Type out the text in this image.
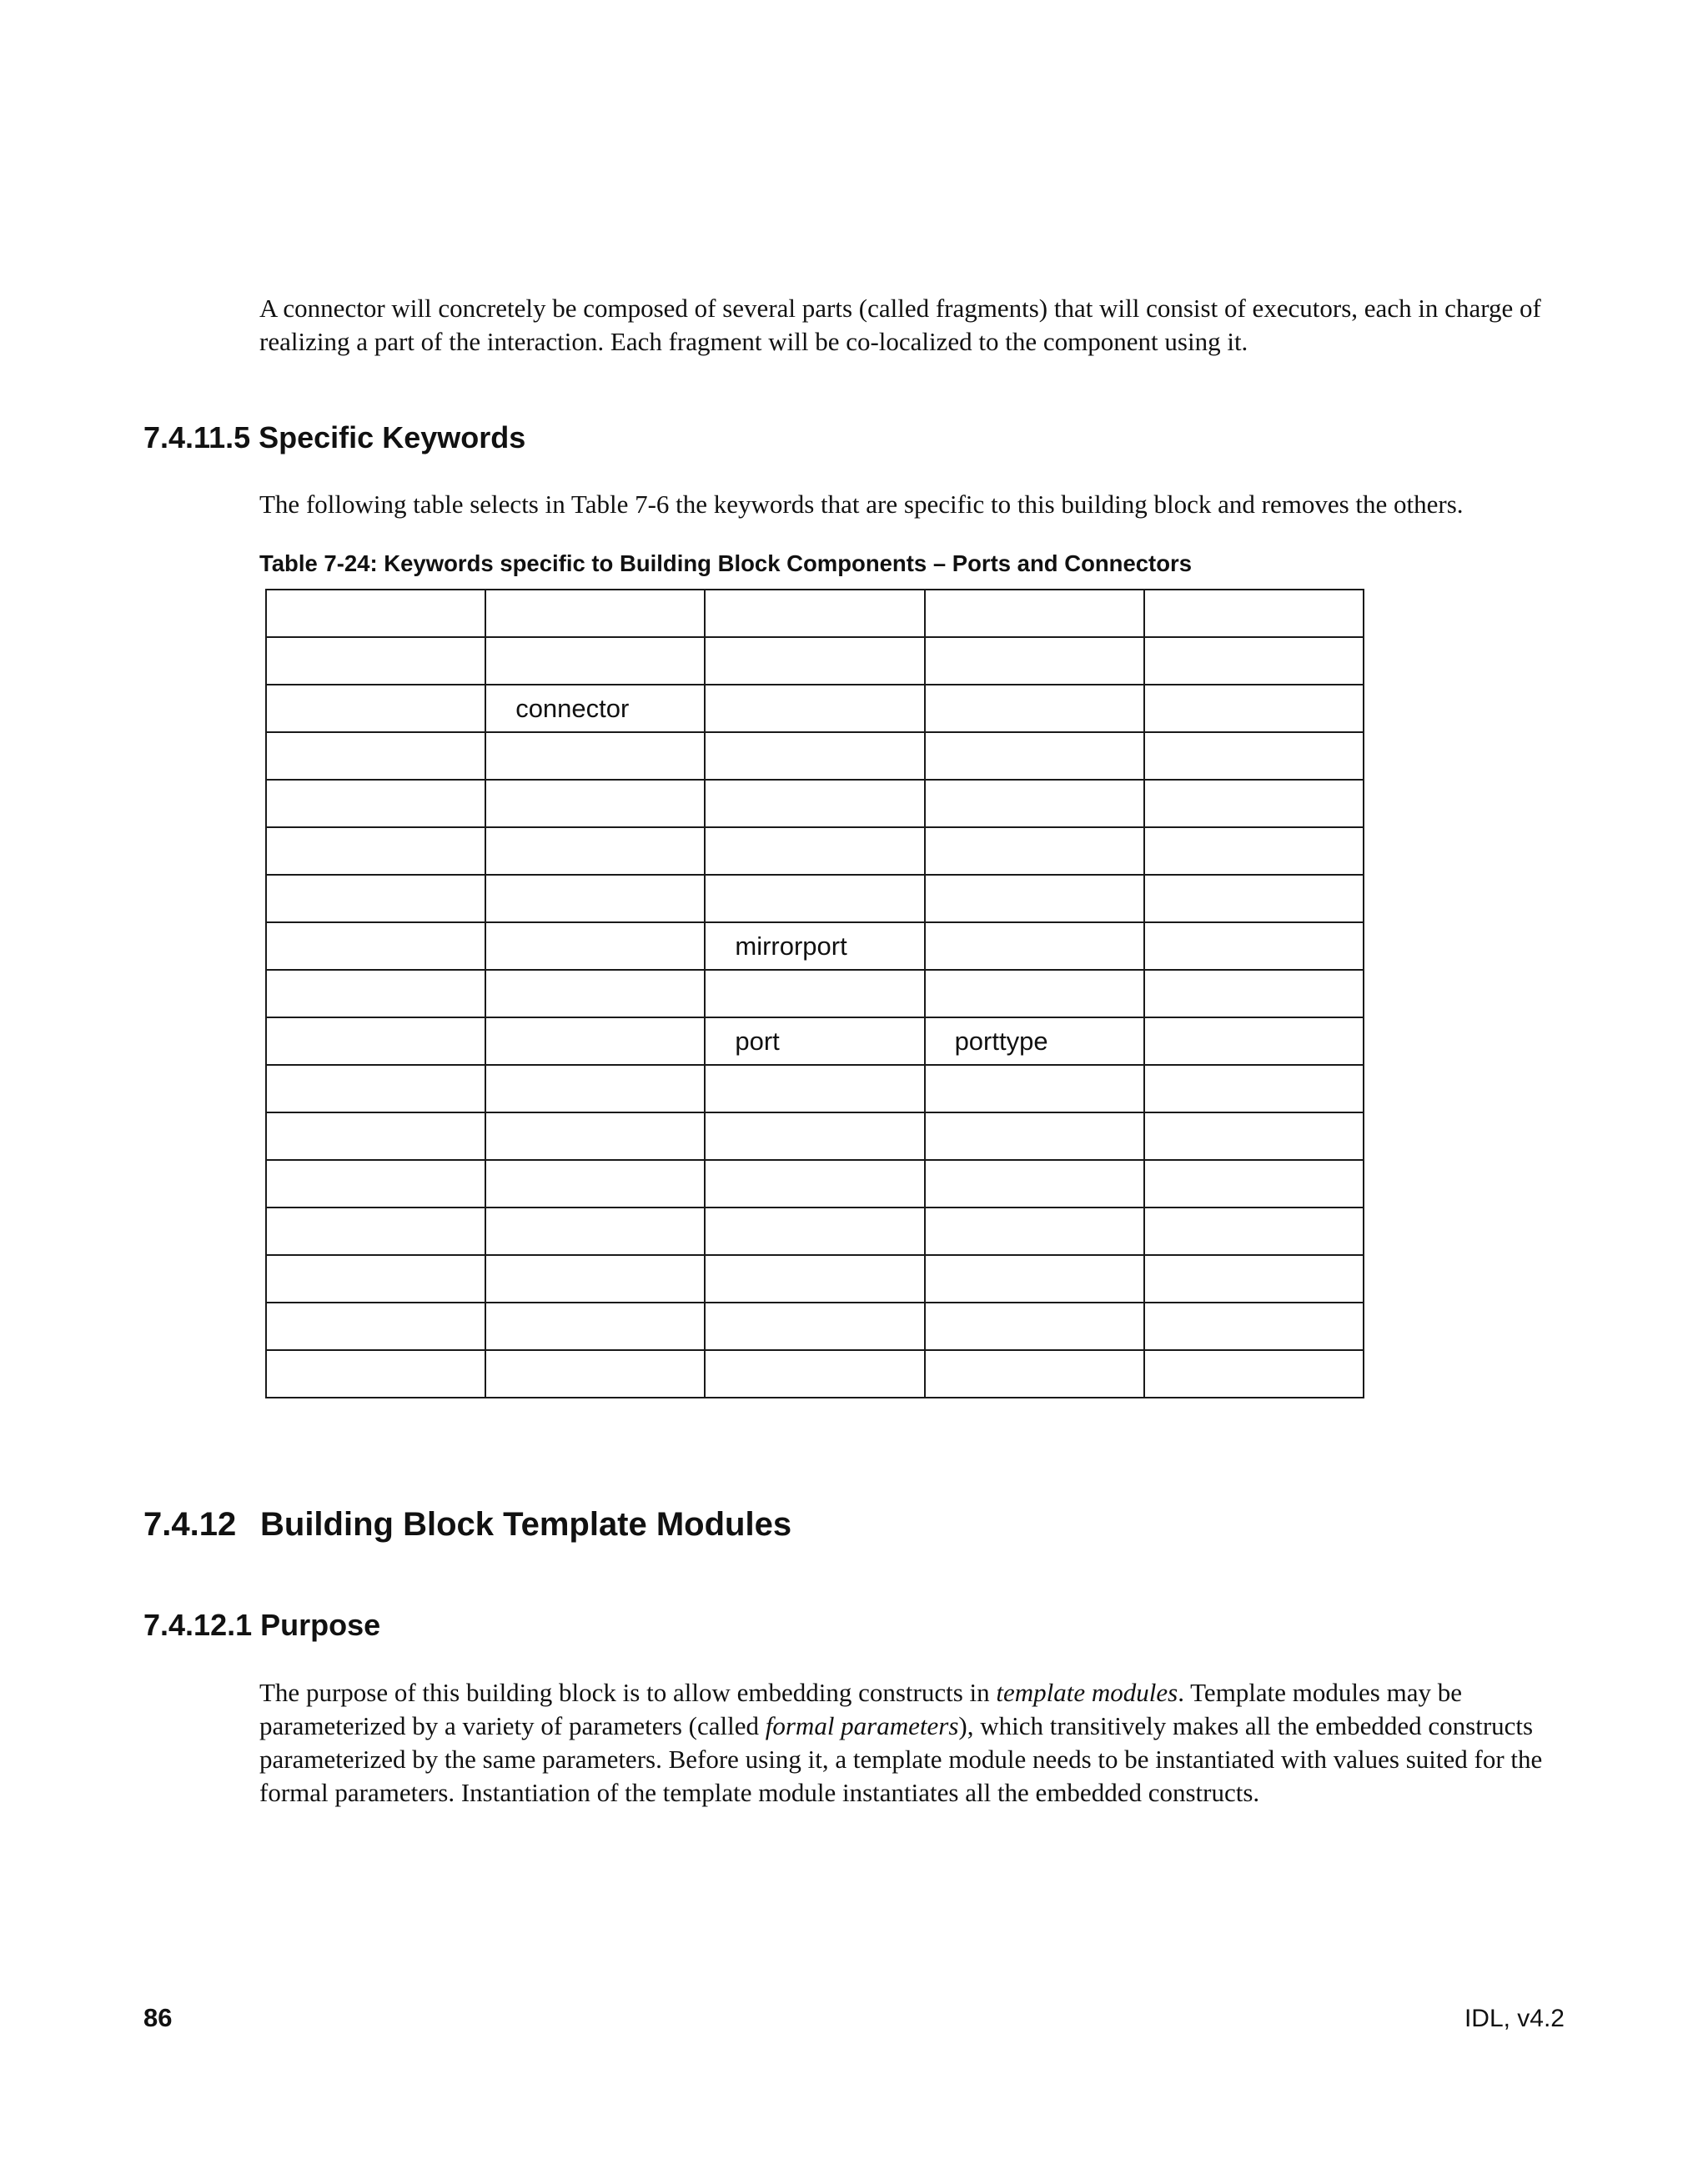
A connector will concretely be composed of several parts (called fragments) that will consist of executors, each in charge of realizing a part of the interaction. Each fragment will be co-localized to the component using it.

7.4.11.5 Specific Keywords

The following table selects in Table 7-6 the keywords that are specific to this building block and removes the others.

Table 7-24: Keywords specific to Building Block Components – Ports and Connectors

	connector			

		mirrorport		

		port	porttype	

7.4.12 Building Block Template Modules
7.4.12.1 Purpose

The purpose of this building block is to allow embedding constructs in template modules. Template modules may be parameterized by a variety of parameters (called formal parameters), which transitively makes all the embedded constructs parameterized by the same parameters. Before using it, a template module needs to be instantiated with values suited for the formal parameters. Instantiation of the template module instantiates all the embedded constructs.

86	IDL, v4.2
